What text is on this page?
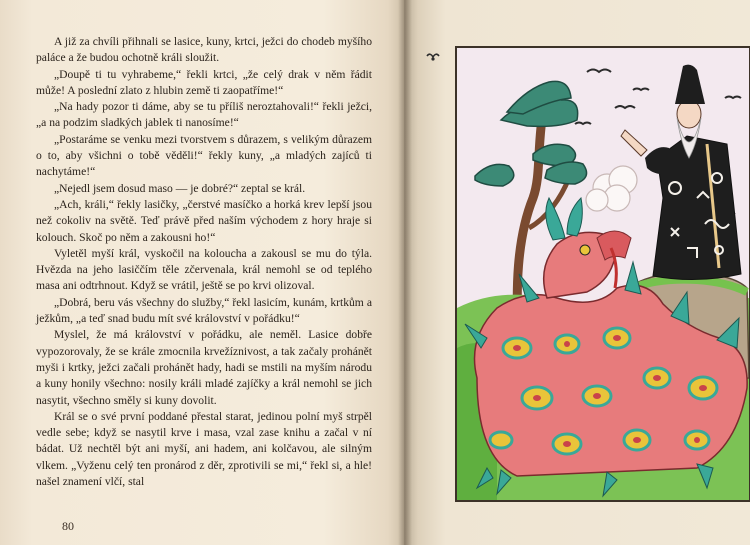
A již za chvíli přihnali se lasice, kuny, krtci, ježci do chodeb myšího paláce a že budou ochotně králi sloužit.

„Doupě ti tu vyhrabeme,“ řekli krtci, „že celý drak v něm řádit může! A poslední zlato z hlubin země ti zaopatříme!“

„Na hady pozor ti dáme, aby se tu příliš neroztahovali!“ řekli ježci, „a na podzim sladkých jablek ti nanosíme!“

„Postaráme se venku mezi tvorstvem s důrazem, s velikým důrazem o to, aby všichni o tobě věděli!“ řekly kuny, „a mladých zajíců ti nachytáme!“

„Nejedl jsem dosud maso — je dobré?“ zeptal se král.

„Ach, králi,“ řekly lasičky, „čerstvé masíčko a horká krev lepší jsou než cokoliv na světě. Teď právě před naším východem z hory hraje si kolouch. Skoč po něm a zakousni ho!“

Vyletěl myší král, vyskočil na koloucha a zakousl se mu do týla. Hvězda na jeho lasiččím těle zčervenala, král nemohl se od teplého masa ani odtrhnout. Když se vrátil, ještě se po krvi olizoval.

„Dobrá, beru vás všechny do služby,“ řekl lasicím, kunám, krtkům a ježkům, „a teď snad budu mít své království v pořádku!“

Myslel, že má království v pořádku, ale neměl. Lasice dobře vypozorovaly, že se krále zmocnila krvežíznivost, a tak začaly prohánět myši i krtky, ježci začali prohánět hady, hadi se mstili na myším národu a kuny honily všechno: nosily králi mladé zajíčky a král nemohl se jich nasytit, všechno směly si kuny dovolit.

Král se o své první poddané přestal starat, jedinou polní myš strpěl vedle sebe; když se nasytil krve i masa, vzal zase knihu a začal v ní bádat. Už nechtěl být ani myší, ani hadem, ani kolčavou, ale silným vlkem. „Vyženu celý ten pronárod z děr, zprotivili se mi,“ řekl si, a hle! našel znamení vlčí, stal

80
